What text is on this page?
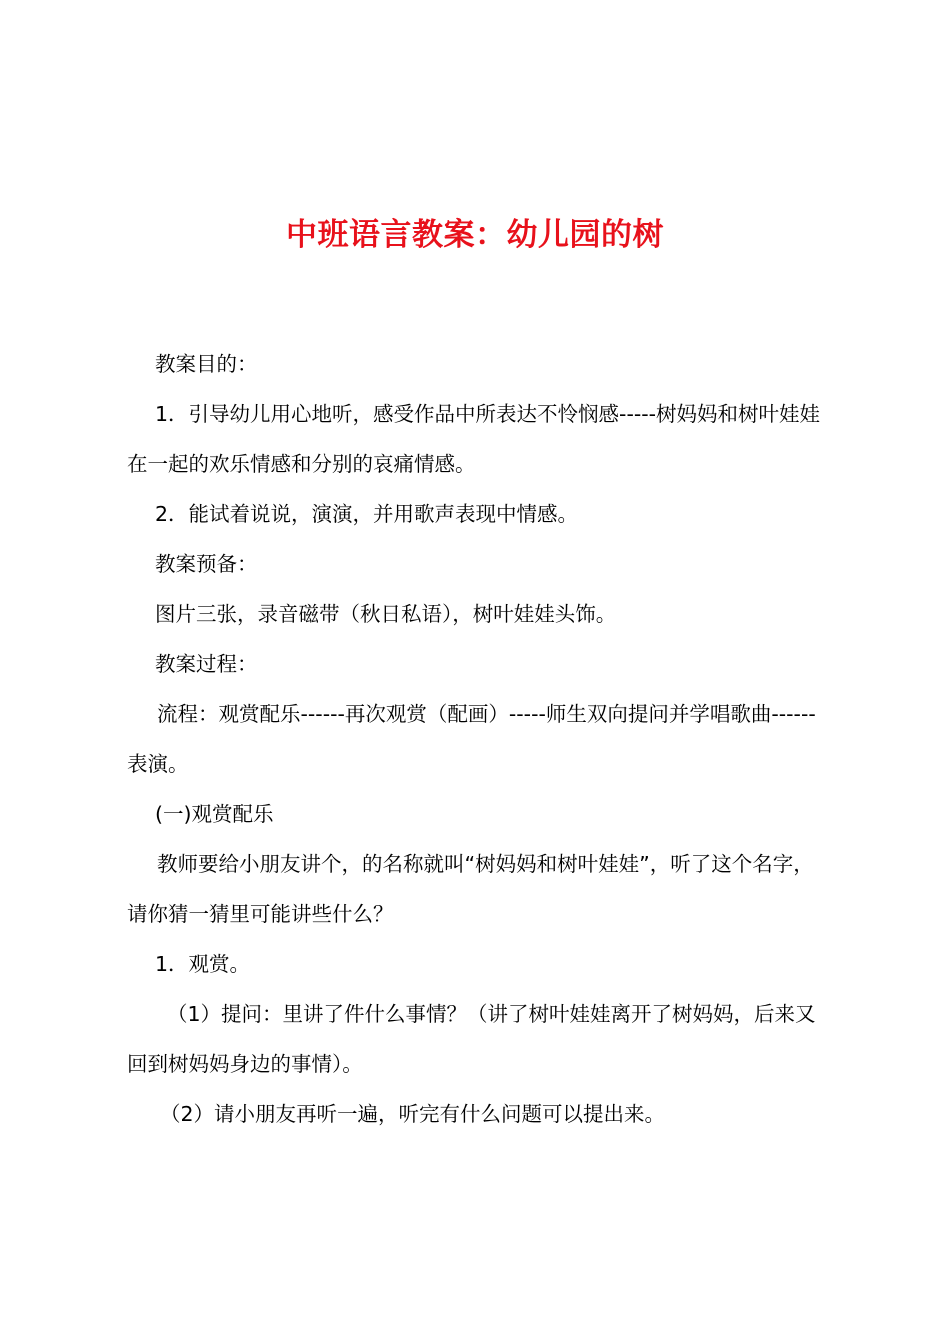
中班语言教案：幼儿园的树

教案目的：

1．引导幼儿用心地听，感受作品中所表达不怜悯感-----树妈妈和树叶娃娃在一起的欢乐情感和分别的哀痛情感。

2．能试着说说，演演，并用歌声表现中情感。

教案预备：

图片三张，录音磁带（秋日私语），树叶娃娃头饰。

教案过程：

流程：观赏配乐------再次观赏（配画）-----师生双向提问并学唱歌曲------表演。

(一)观赏配乐

教师要给小朋友讲个，的名称就叫“树妈妈和树叶娃娃”，听了这个名字，请你猜一猜里可能讲些什么？

1．观赏。

（1）提问：里讲了件什么事情？（讲了树叶娃娃离开了树妈妈，后来又回到树妈妈身边的事情）。

（2）请小朋友再听一遍，听完有什么问题可以提出来。
